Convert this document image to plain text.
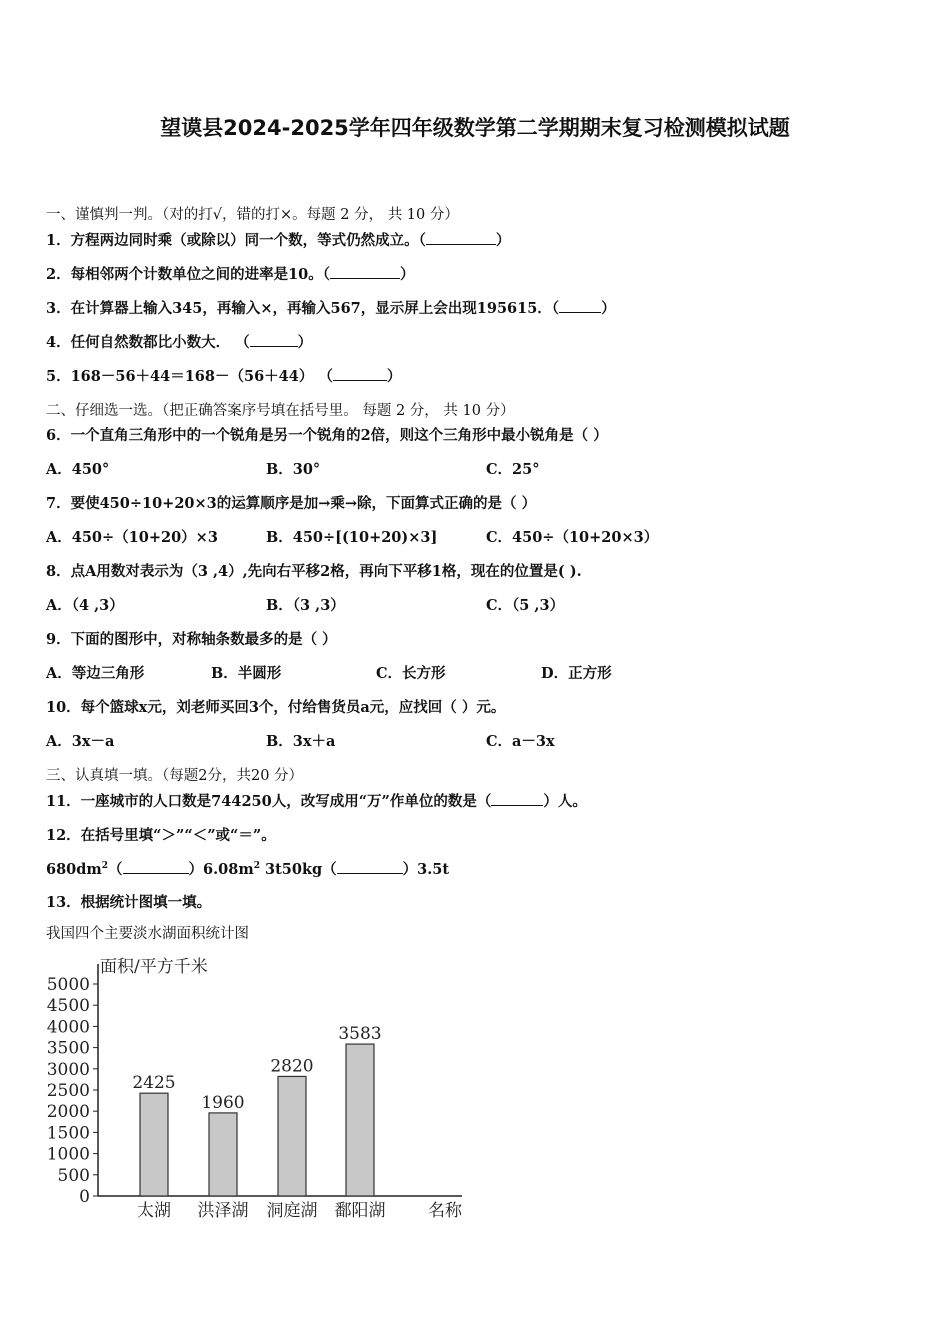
望谟县2024-2025学年四年级数学第二学期期末复习检测模拟试题
一、谨慎判一判。（对的打√，错的打×。每题 2 分， 共 10 分）
1．方程两边同时乘（或除以）同一个数，等式仍然成立。（	）
2．每相邻两个计数单位之间的进率是10。（	）
3．在计算器上输入345，再输入×，再输入567，显示屏上会出现195615．（	）
4．任何自然数都比小数大． （	）
5．168－56＋44＝168－（56＋44） （	）
二、仔细选一选。（把正确答案序号填在括号里。 每题 2 分， 共 10 分）
6．一个直角三角形中的一个锐角是另一个锐角的2倍，则这个三角形中最小锐角是（ ）
A．450°	B．30°	C．25°
7．要使450÷10+20×3的运算顺序是加→乘→除，下面算式正确的是（ ）
A．450÷（10+20）×3	B．450÷[(10+20)×3]	C．450÷（10+20×3）
8．点A用数对表示为（3 ,4）,先向右平移2格，再向下平移1格，现在的位置是( ).
A．（4 ,3）	B．（3 ,3）	C．（5 ,3）
9．下面的图形中，对称轴条数最多的是（ ）
A．等边三角形	B．半圆形	C．长方形	D．正方形
10．每个篮球x元，刘老师买回3个，付给售货员a元，应找回（ ）元。
A．3x－a	B．3x＋a	C．a－3x
三、认真填一填。（每题2分，共20 分）
11．一座城市的人口数是744250人，改写成用“万”作单位的数是（	）人。
12．在括号里填“＞”“＜”或“＝”。
$680dm^2$（	）$6.08m^2$ 3t50kg（	）3.5t
13．根据统计图填一填。
我国四个主要淡水湖面积统计图
面积/平方千米
名称
0
500
1000
1500
2000
2500
3000
3500
4000
4500
5000
2425
1960
2820
3583
太湖 洪泽湖 洞庭湖 鄱阳湖
